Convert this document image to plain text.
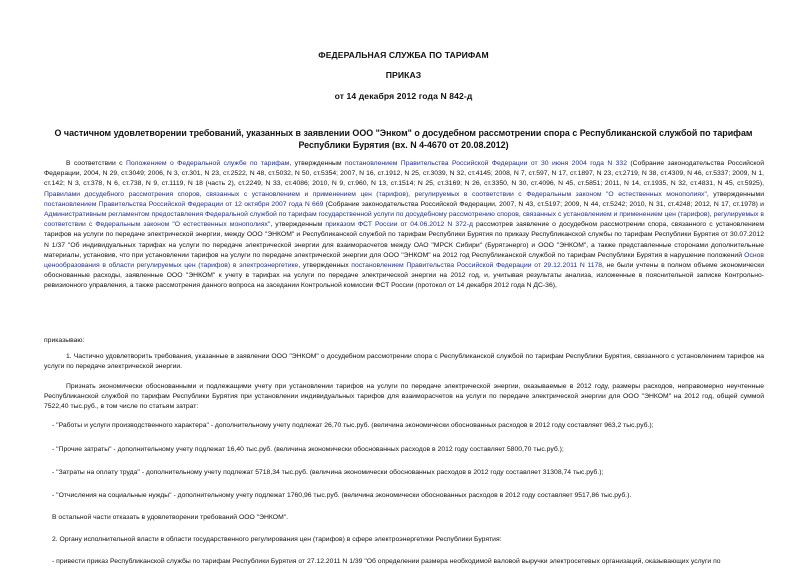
ФЕДЕРАЛЬНАЯ СЛУЖБА ПО ТАРИФАМ
ПРИКАЗ
от 14 декабря 2012 года N 842-д
О частичном удовлетворении требований, указанных в заявлении ООО "Энком" о досудебном рассмотрении спора с Республиканской службой по тарифам Республики Бурятия (вх. N 4-4670 от 20.08.2012)
В соответствии с Положением о Федеральной службе по тарифам, утвержденным постановлением Правительства Российской Федерации от 30 июня 2004 года N 332 (Собрание законодательства Российской Федерации, 2004, N 29, ст.3049; 2006, N 3, ст.301, N 23, ст.2522, N 48, ст.5032, N 50, ст.5354; 2007, N 16, ст.1912, N 25, ст.3039, N 32, ст.4145; 2008, N 7, ст.597, N 17, ст.1897, N 23, ст.2719, N 38, ст.4309, N 46, ст.5337; 2009, N 1, ст.142; N 3, ст.378, N 6, ст.738, N 9, ст.1119, N 18 (часть 2), ст.2249, N 33, ст.4086; 2010, N 9, ст.960, N 13, ст.1514; N 25, ст.3169; N 26, ст.3350, N 30, ст.4096, N 45, ст.5851; 2011, N 14, ст.1935, N 32, ст.4831, N 45, ст.5925), Правилами досудебного рассмотрения споров, связанных с установлением и применением цен (тарифов), регулируемых в соответствии с Федеральным законом "О естественных монополиях", утвержденными постановлением Правительства Российской Федерации от 12 октября 2007 года N 669 (Собрание законодательства Российской Федерации, 2007, N 43, ст.5197; 2009, N 44, ст.5242; 2010, N 31, ст.4248; 2012, N 17, ст.1978) и Административным регламентом предоставления Федеральной службой по тарифам государственной услуги по досудебному рассмотрению споров, связанных с установлением и применением цен (тарифов), регулируемых в соответствии с Федеральным законом "О естественных монополиях", утвержденным приказом ФСТ России от 04.06.2012 N 372-д рассмотрев заявление о досудебном рассмотрении спора, связанного с установлением тарифов на услуги по передаче электрической энергии, между ООО "ЭНКОМ" и Республиканской службой по тарифам Республики Бурятия по приказу Республиканской службы по тарифам Республики Бурятия от 30.07.2012 N 1/37 "Об индивидуальных тарифах на услуги по передаче электрической энергии для взаиморасчетов между ОАО "МРСК Сибири" (Бурятэнерго) и ООО "ЭНКОМ", а также представленные сторонами дополнительные материалы, установив, что при установлении тарифов на услуги по передаче электрической энергии для ООО "ЭНКОМ" на 2012 год Республиканской службой по тарифам Республики Бурятия в нарушение положений Основ ценообразования в области регулируемых цен (тарифов) в электроэнергетике, утвержденных постановлением Правительства Российской Федерации от 29.12.2011 N 1178, не были учтены в полном объеме экономически обоснованные расходы, заявленные ООО "ЭНКОМ" к учету в тарифах на услуги по передаче электрической энергии на 2012 год, и, учитывая результаты анализа, изложенные в пояснительной записке Контрольно-ревизионного управления, а также рассмотрения данного вопроса на заседании Контрольной комиссии ФСТ России (протокол от 14 декабря 2012 года N ДС-36),
приказываю:
1. Частично удовлетворить требования, указанные в заявлении ООО "ЭНКОМ" о досудебном рассмотрении спора с Республиканской службой по тарифам Республики Бурятия, связанного с установлением тарифов на услуги по передаче электрической энергии.
Признать экономически обоснованными и подлежащими учету при установлении тарифов на услуги по передаче электрической энергии, оказываемые в 2012 году, размеры расходов, неправомерно неучтенные Республиканской службой по тарифам Республики Бурятия при установлении индивидуальных тарифов для взаиморасчетов на услуги по передаче электрической энергии для ООО "ЭНКОМ" на 2012 год, общей суммой 7522,40 тыс.руб., в том числе по статьям затрат:
- "Работы и услуги производственного характера" - дополнительному учету подлежат 26,70 тыс.руб. (величина экономически обоснованных расходов в 2012 году составляет 963,2 тыс.руб.);
- "Прочие затраты" - дополнительному учету подлежат 16,40 тыс.руб. (величина экономически обоснованных расходов в 2012 году составляет 5800,70 тыс.руб.);
- "Затраты на оплату труда" - дополнительному учету подлежат 5718,34 тыс.руб. (величина экономически обоснованных расходов в 2012 году составляет 31308,74 тыс.руб.);
- "Отчисления на социальные нужды" - дополнительному учету подлежат 1760,96 тыс.руб. (величина экономически обоснованных расходов в 2012 году составляет 9517,86 тыс.руб.).
В остальной части отказать в удовлетворении требований ООО "ЭНКОМ".
2. Органу исполнительной власти в области государственного регулирования цен (тарифов) в сфере электроэнергетики Республики Бурятия:
- привести приказ Республиканской службы по тарифам Республики Бурятия от 27.12.2011 N 1/39 "Об определении размера необходимой валовой выручки электросетевых организаций, оказывающих услуги по
